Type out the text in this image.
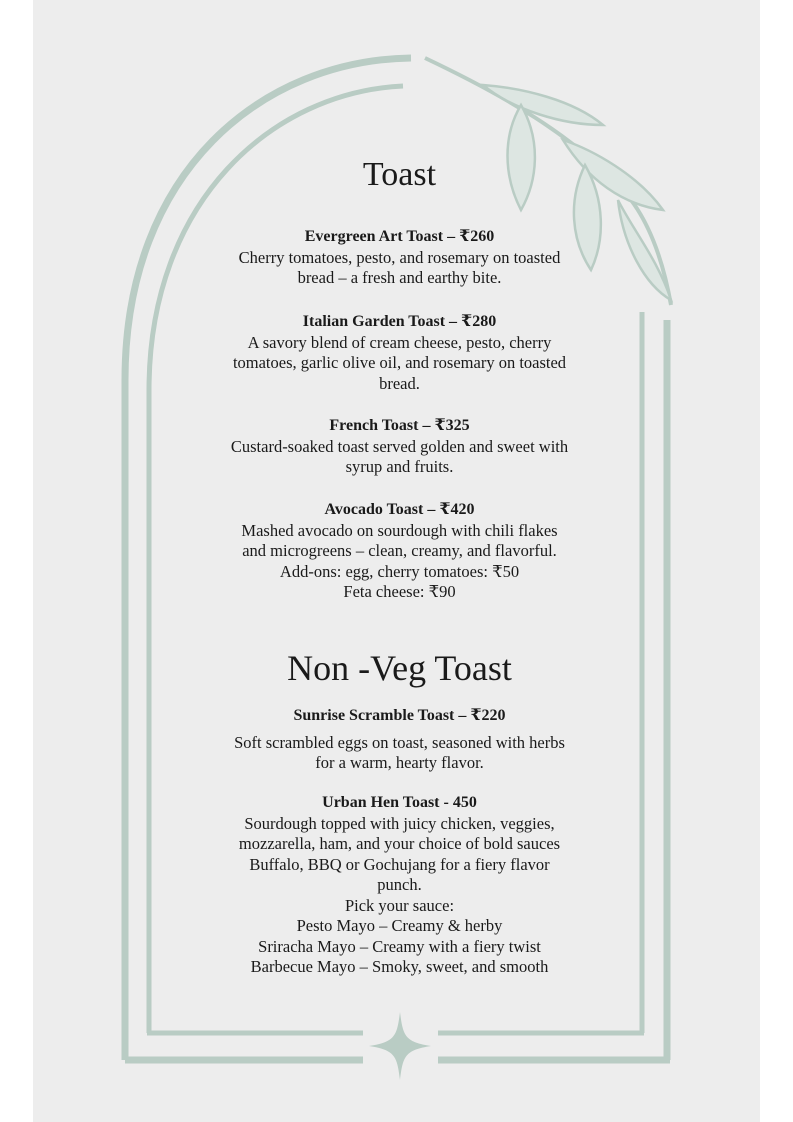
Toast
Evergreen Art Toast – ₹260
Cherry tomatoes, pesto, and rosemary on toasted
bread – a fresh and earthy bite.
Italian Garden Toast – ₹280
A savory blend of cream cheese, pesto, cherry
tomatoes, garlic olive oil, and rosemary on toasted
bread.
French Toast – ₹325
Custard-soaked toast served golden and sweet with
syrup and fruits.
Avocado Toast – ₹420
Mashed avocado on sourdough with chili flakes
and microgreens – clean, creamy, and flavorful.
Add-ons: egg, cherry tomatoes: ₹50
Feta cheese: ₹90
Non -Veg Toast
Sunrise Scramble Toast – ₹220
Soft scrambled eggs on toast, seasoned with herbs
for a warm, hearty flavor.
Urban Hen Toast - 450
Sourdough topped with juicy chicken, veggies,
mozzarella, ham, and your choice of bold sauces
Buffalo, BBQ or Gochujang for a fiery flavor
punch.
Pick your sauce:
Pesto Mayo – Creamy & herby
Sriracha Mayo – Creamy with a fiery twist
Barbecue Mayo – Smoky, sweet, and smooth
